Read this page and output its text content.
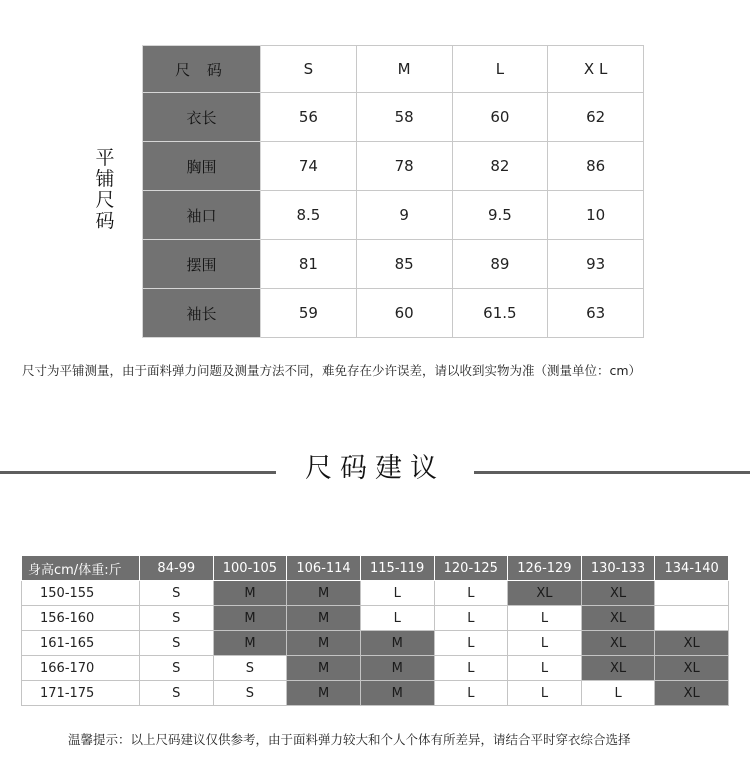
平铺尺码
尺 码	S	M	L	X L
衣长	56	58	60	62
胸围	74	78	82	86
袖口	8.5	9	9.5	10
摆围	81	85	89	93
袖长	59	60	61.5	63
尺寸为平铺测量，由于面料弹力问题及测量方法不同，难免存在少许误差，请以收到实物为准（测量单位：cm）
尺码建议
身高cm/体重:斤	84-99	100-105	106-114	115-119	120-125	126-129	130-133	134-140
150-155	S	M	M	L	L	XL	XL	
156-160	S	M	M	L	L	L	XL	
161-165	S	M	M	M	L	L	XL	XL
166-170	S	S	M	M	L	L	XL	XL
171-175	S	S	M	M	L	L	L	XL
温馨提示：以上尺码建议仅供参考，由于面料弹力较大和个人个体有所差异，请结合平时穿衣综合选择
